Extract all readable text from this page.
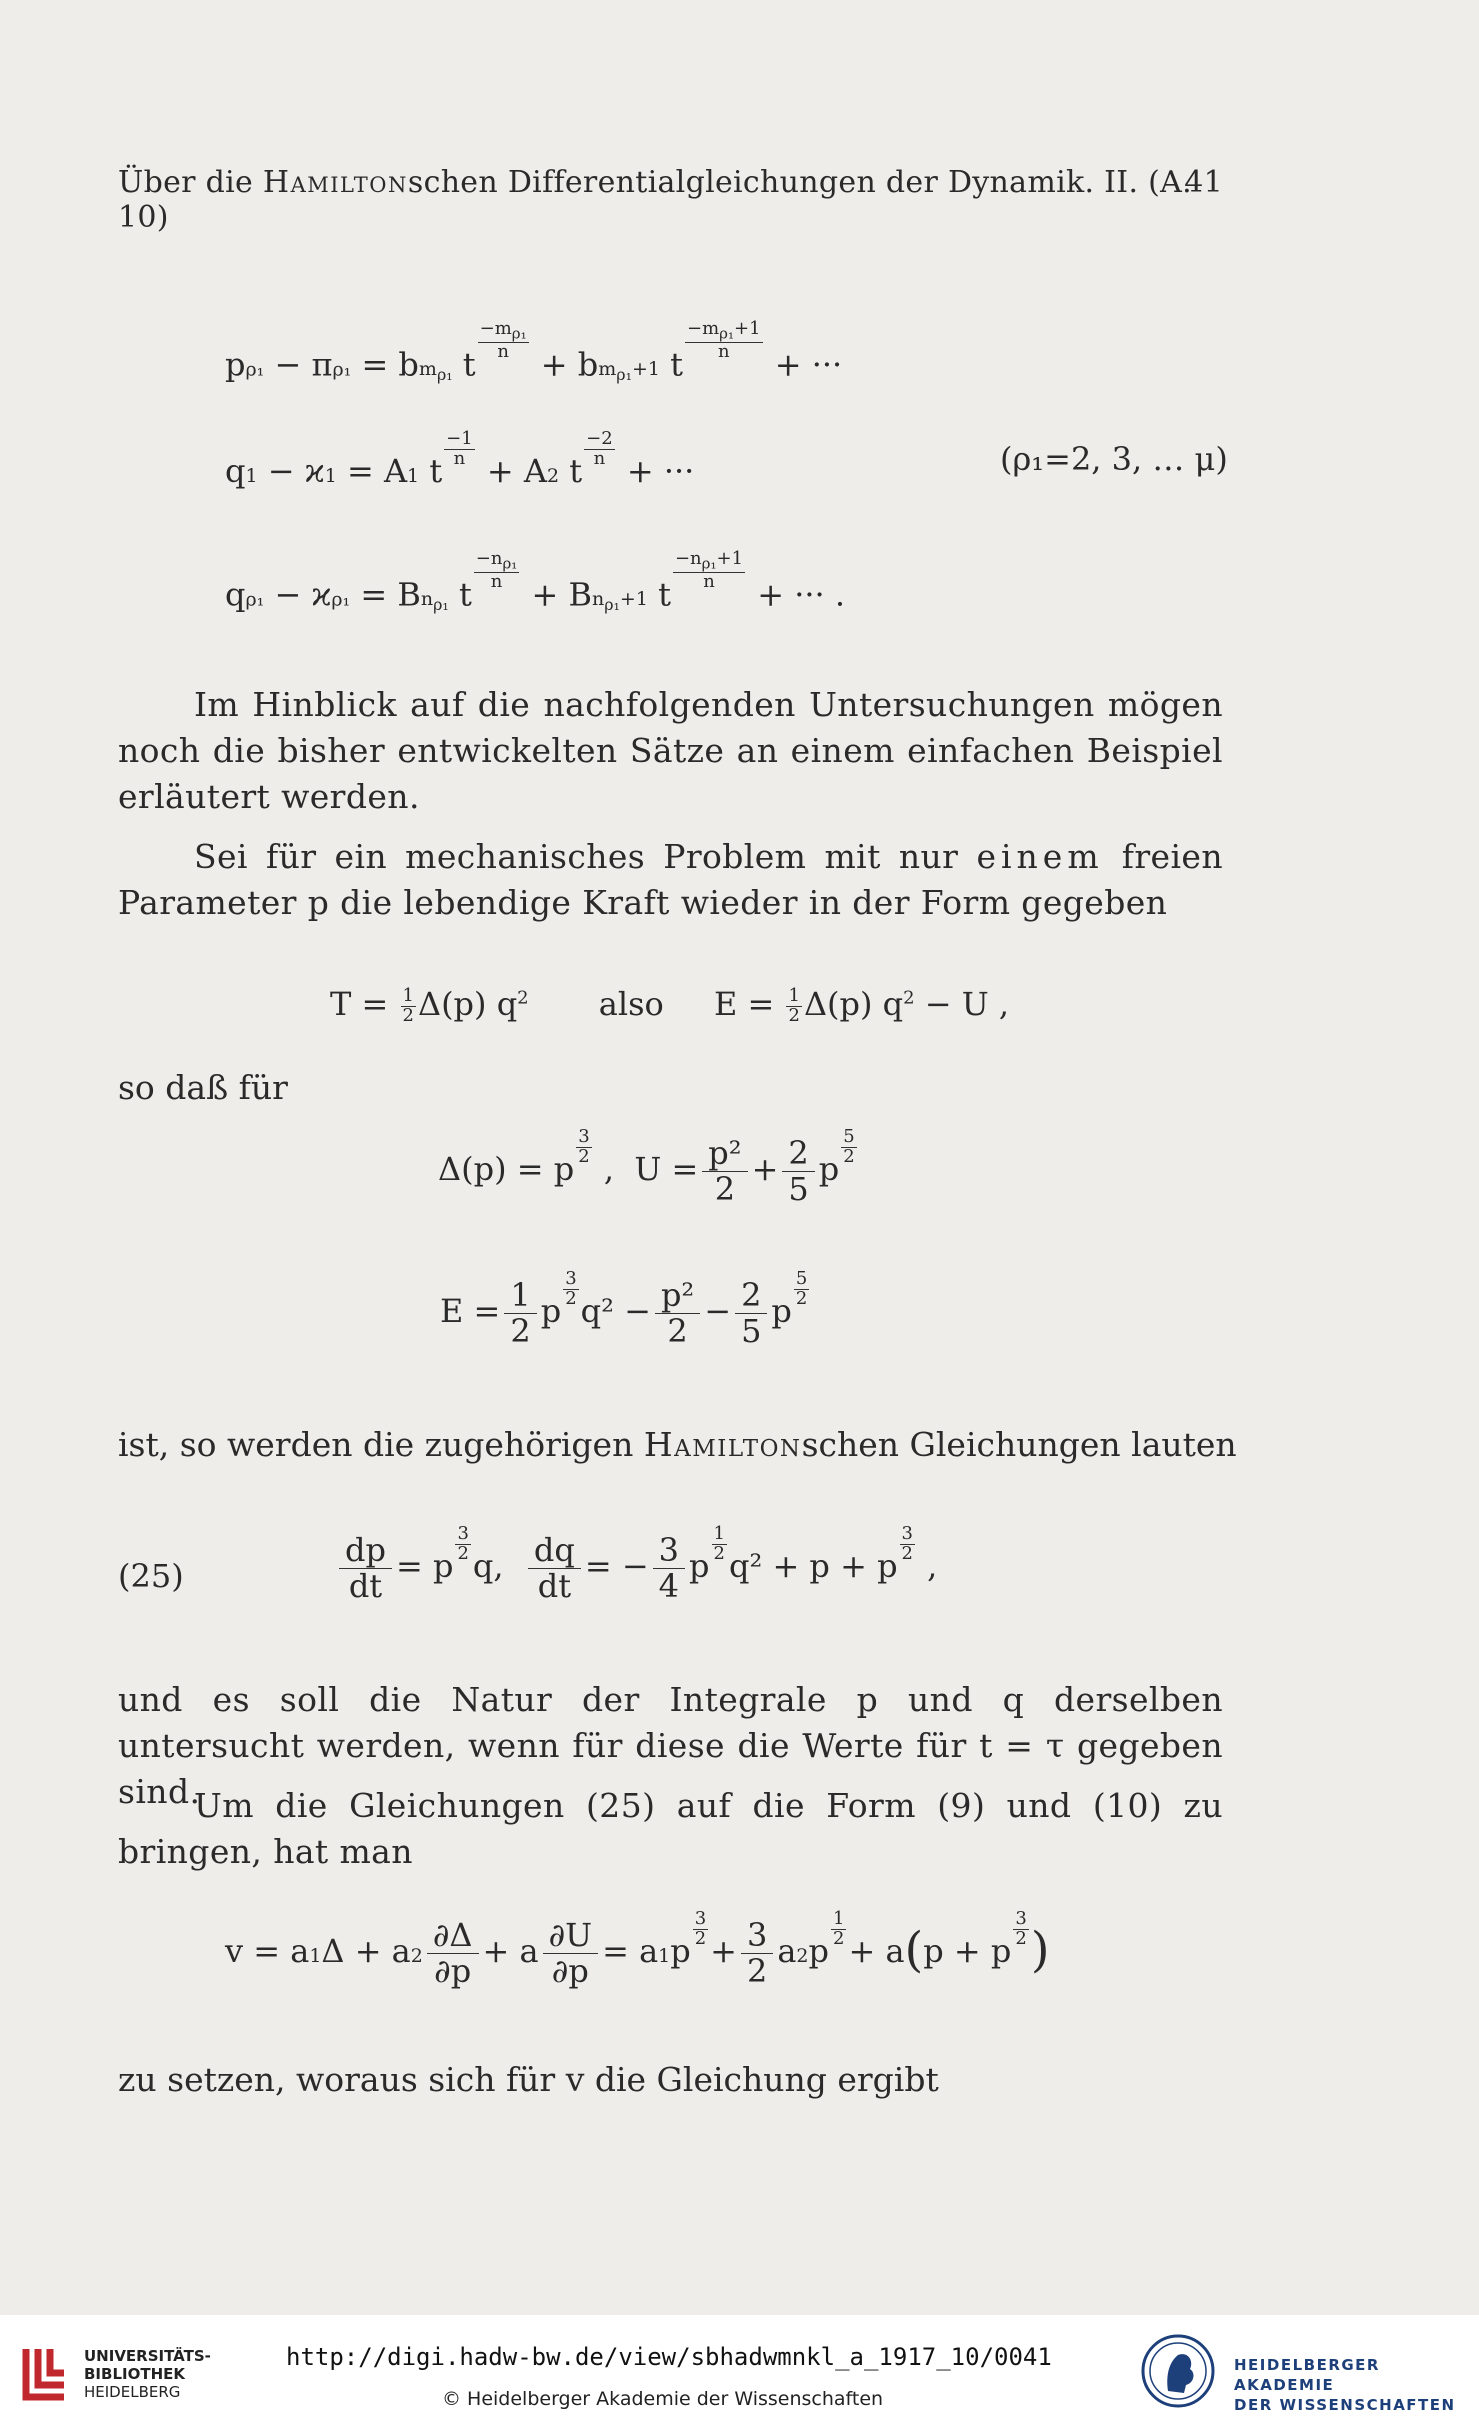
Über die Hamiltonschen Differentialgleichungen der Dynamik. II. (A. 10)
41
$p\rho_1 - \pi\rho_1 = bm_{\rho_1}$ t
$\frac{-m_{\rho_1}}{n}$
+ $bm_{\rho_1}+1$ t
$\frac{-m_{\rho_1}+1}{n}$
+ ···
q1 − ϰ1 = A1 t
$\frac{-1}{n}$
+ A2 t
$\frac{-2}{n}$
+ ···	(ρ₁=2, 3, … μ)
$q\rho_1 - ϰ\rho_1 = Bn_{\rho_1}$ t
$\frac{-n_{\rho_1}}{n}$
+ $Bn_{\rho_1}+1$ t
$\frac{-n_{\rho_1}+1}{n}$
+ ··· .
Im Hinblick auf die nachfolgenden Untersuchungen mögen noch die bisher entwickelten Sätze an einem einfachen Beispiel erläutert werden.
Sei für ein mechanisches Problem mit nur einem freien Parameter p die lebendige Kraft wieder in der Form gegeben
$T = \frac{1}{2} \Delta(p)$ $q^2$ also $E = \frac{1}{2} \Delta(p) q^2 - U$ ,
so daß für
Δ(p) = p
$\frac{3}{2}$
,  $U = \frac{\text{p²}}{2} + \frac{2}{5}$ p
$\frac{5}{2}$
$E = \frac{1}{2}$ p
$\frac{3}{2}$
$q^2 - \frac{\text{p²}}{2} - \frac{2}{5}$ p
$\frac{5}{2}$
ist, so werden die zugehörigen Hamiltonschen Gleichungen lauten
(25)	$\frac{dp}{dt} = p$
$\frac{3}{2}$
q, $\frac{dq}{dt}$ = − $\frac{3}{4}$ p
$\frac{1}{2}$
q² + p + p
$\frac{3}{2}$
,
und es soll die Natur der Integrale p und q derselben untersucht werden, wenn für diese die Werte für t = τ gegeben sind.
Um die Gleichungen (25) auf die Form (9) und (10) zu bringen, hat man
$v = a1\Delta + a2 \frac{\partial\Delta}{\partial p} + a \frac{\partial U}{\partial p} = a1p$
$\frac{3}{2}$
+ $\frac{3}{2} a2p$
$\frac{1}{2}$
+ a(p + p
$\frac{3}{2}$ )
zu setzen, woraus sich für v die Gleichung ergibt
UNIVERSITÄTS-
BIBLIOTHEK
HEIDELBERG
http://digi.hadw-bw.de/view/sbhadwmnkl_a_1917_10/0041
© Heidelberger Akademie der Wissenschaften
HEIDELBERGER AKADEMIE
DER WISSENSCHAFTEN
